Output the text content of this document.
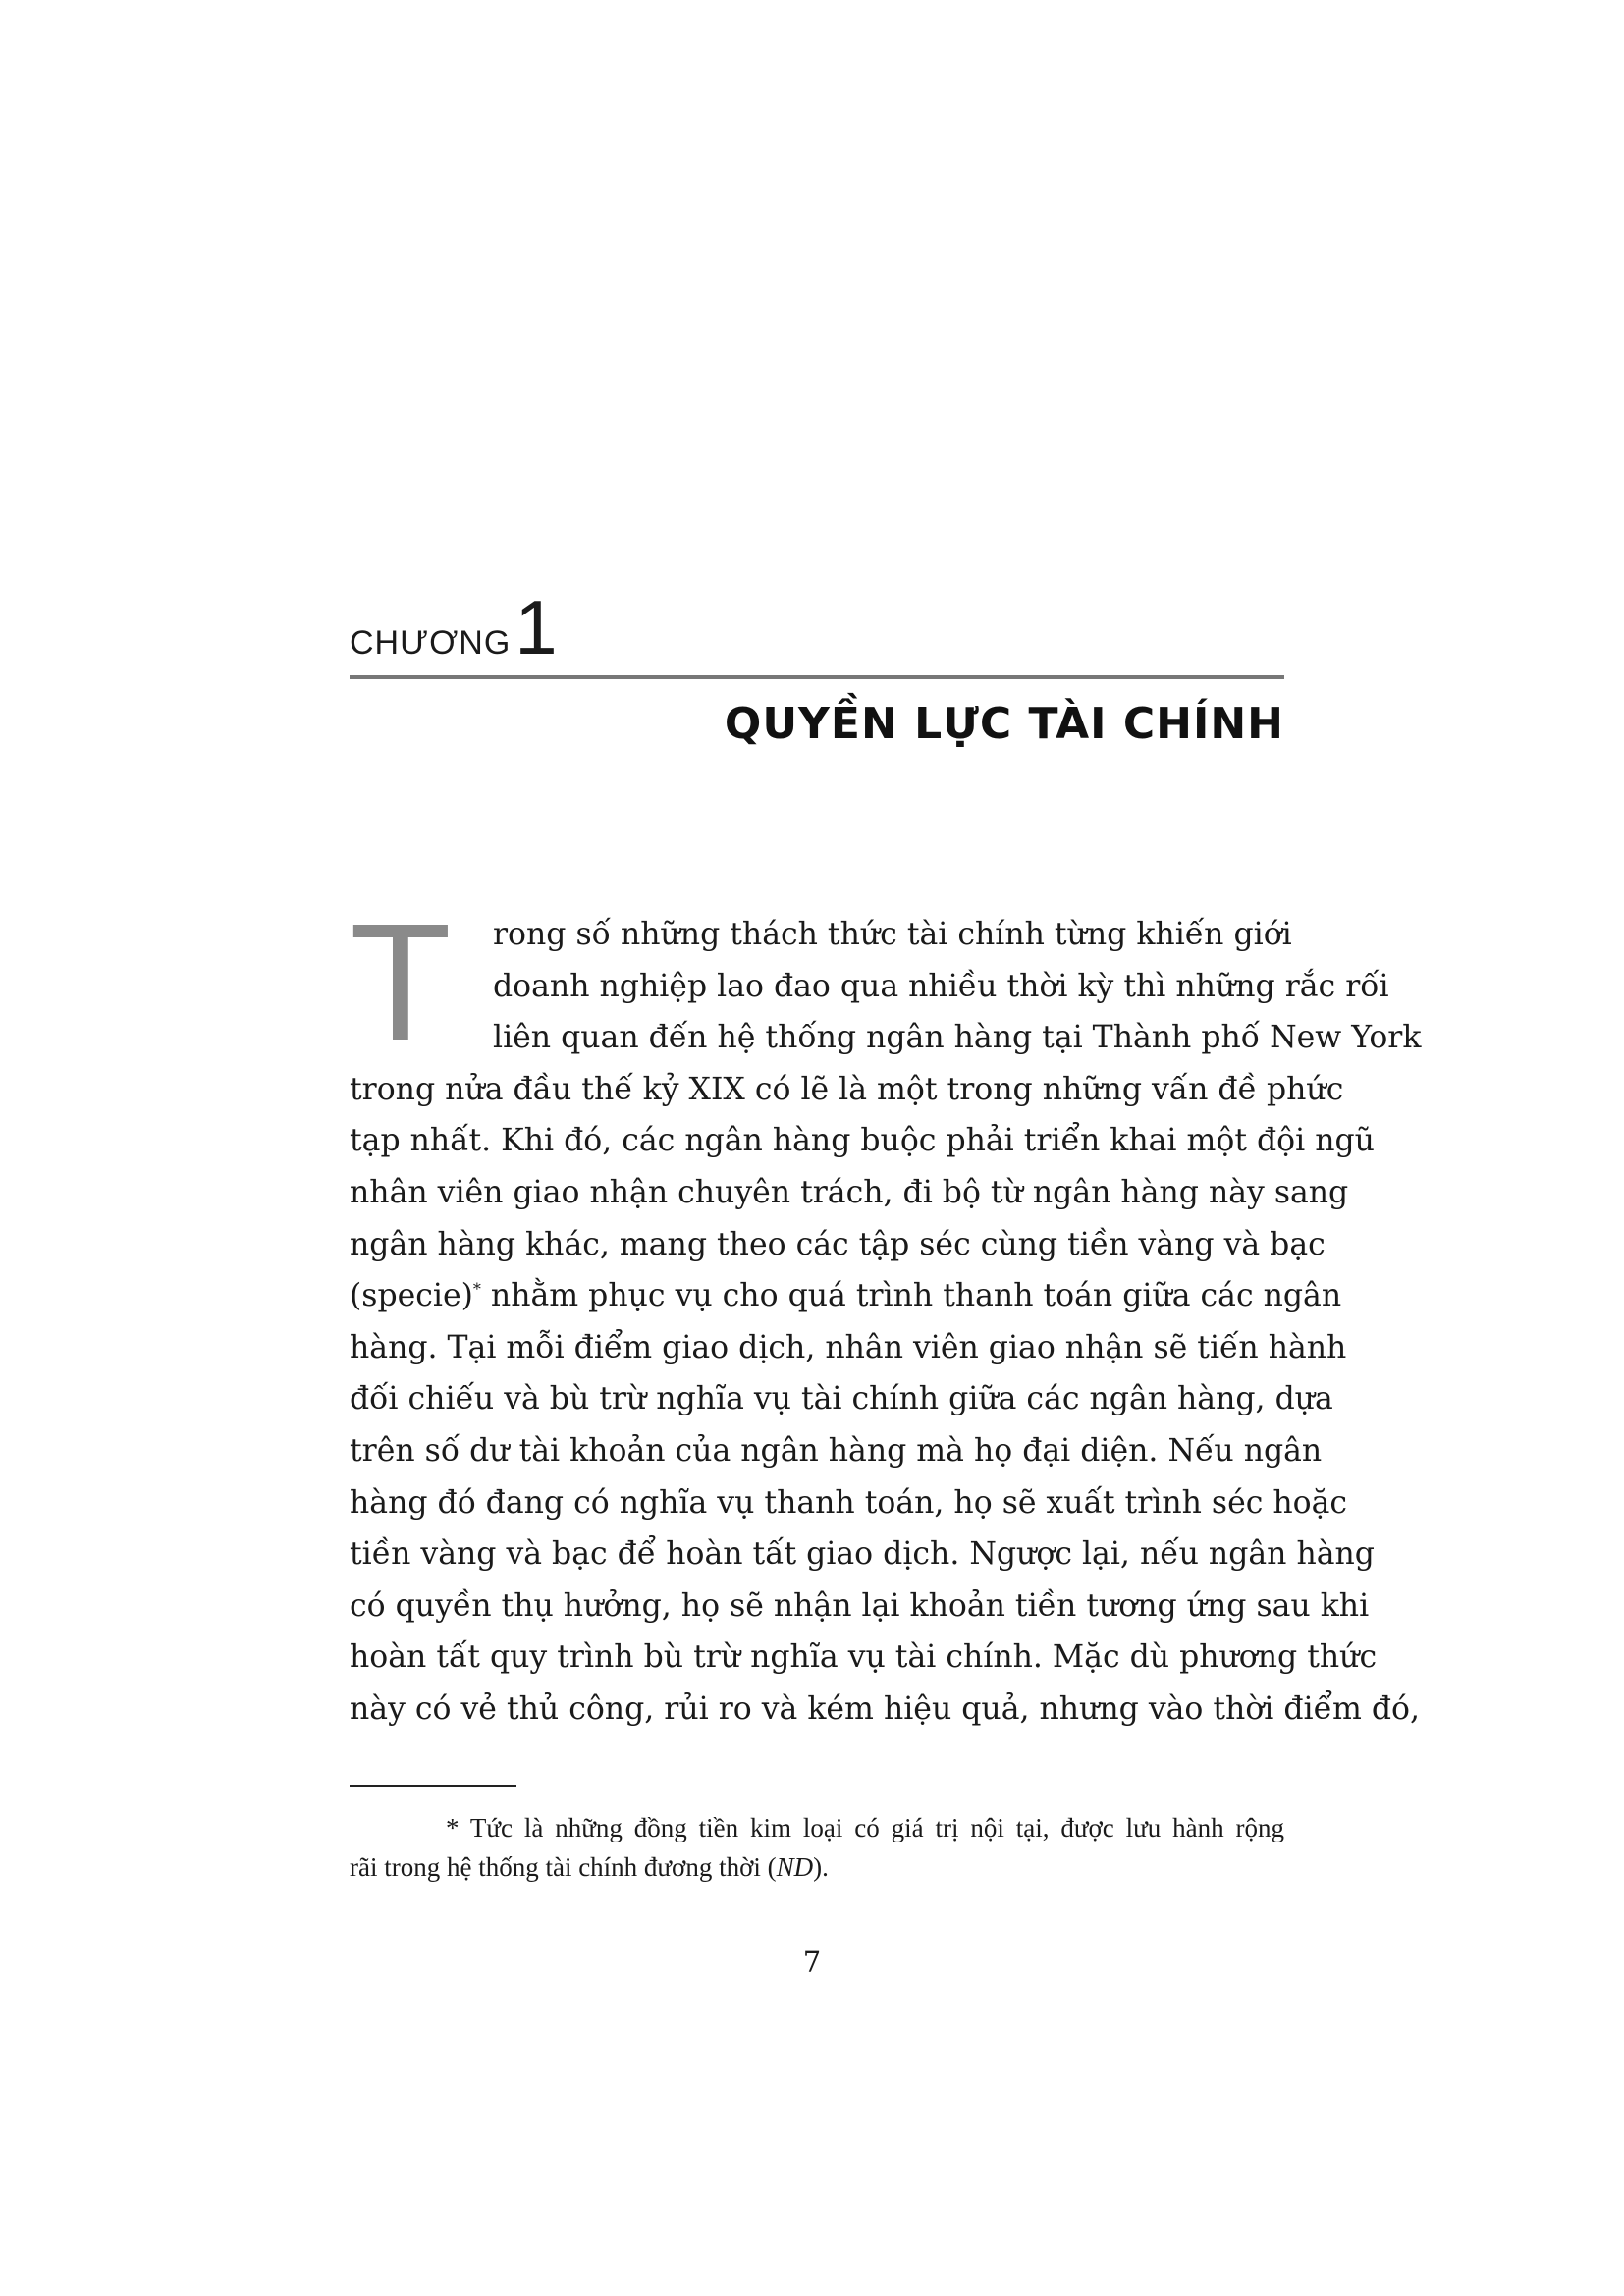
CHƯƠNG1
QUYỀN LỰC TÀI CHÍNH
T	rong số những thách thức tài chính từng khiến giới
doanh nghiệp lao đao qua nhiều thời kỳ thì những rắc rối
liên quan đến hệ thống ngân hàng tại Thành phố New York
trong nửa đầu thế kỷ XIX có lẽ là một trong những vấn đề phức
tạp nhất. Khi đó, các ngân hàng buộc phải triển khai một đội ngũ
nhân viên giao nhận chuyên trách, đi bộ từ ngân hàng này sang
ngân hàng khác, mang theo các tập séc cùng tiền vàng và bạc
(specie)* nhằm phục vụ cho quá trình thanh toán giữa các ngân
hàng. Tại mỗi điểm giao dịch, nhân viên giao nhận sẽ tiến hành
đối chiếu và bù trừ nghĩa vụ tài chính giữa các ngân hàng, dựa
trên số dư tài khoản của ngân hàng mà họ đại diện. Nếu ngân
hàng đó đang có nghĩa vụ thanh toán, họ sẽ xuất trình séc hoặc
tiền vàng và bạc để hoàn tất giao dịch. Ngược lại, nếu ngân hàng
có quyền thụ hưởng, họ sẽ nhận lại khoản tiền tương ứng sau khi
hoàn tất quy trình bù trừ nghĩa vụ tài chính. Mặc dù phương thức
này có vẻ thủ công, rủi ro và kém hiệu quả, nhưng vào thời điểm đó,
* Tức là những đồng tiền kim loại có giá trị nội tại, được lưu hành rộng
rãi trong hệ thống tài chính đương thời (ND).
7
